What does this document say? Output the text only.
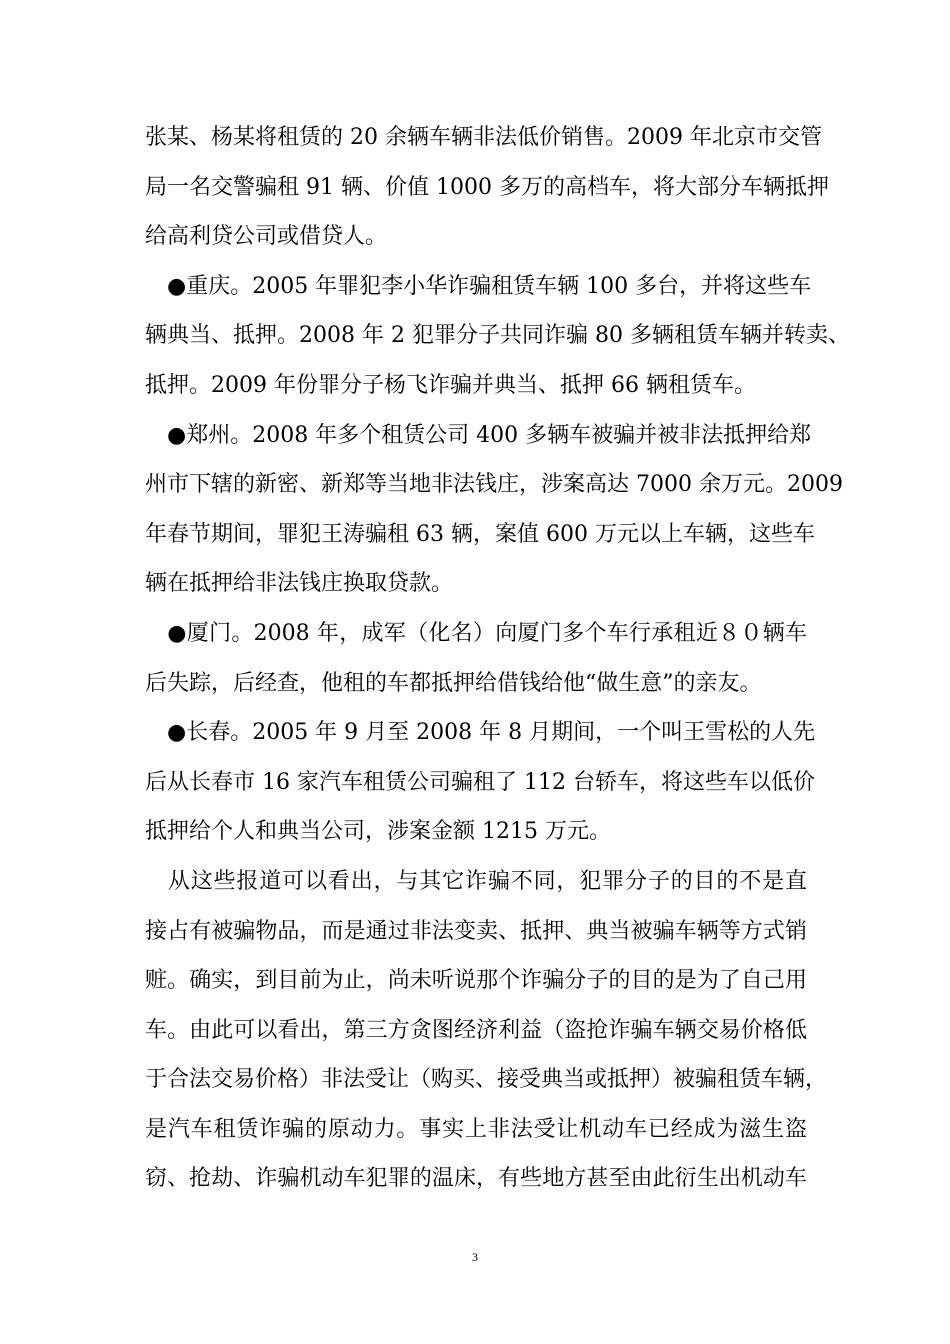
张某、杨某将租赁的 20 余辆车辆非法低价销售。2009 年北京市交管
局一名交警骗租 91 辆、价值 1000 多万的高档车，将大部分车辆抵押
给高利贷公司或借贷人。
　●重庆。2005 年罪犯李小华诈骗租赁车辆 100 多台，并将这些车
辆典当、抵押。2008 年 2 犯罪分子共同诈骗 80 多辆租赁车辆并转卖、
抵押。2009 年份罪分子杨飞诈骗并典当、抵押 66 辆租赁车。
　●郑州。2008 年多个租赁公司 400 多辆车被骗并被非法抵押给郑
州市下辖的新密、新郑等当地非法钱庄，涉案高达 7000 余万元。2009
年春节期间，罪犯王涛骗租 63 辆，案值 600 万元以上车辆，这些车
辆在抵押给非法钱庄换取贷款。
　●厦门。2008 年，成军（化名）向厦门多个车行承租近８０辆车
后失踪，后经查，他租的车都抵押给借钱给他“做生意”的亲友。
　●长春。2005 年 9 月至 2008 年 8 月期间，一个叫王雪松的人先
后从长春市 16 家汽车租赁公司骗租了 112 台轿车，将这些车以低价
抵押给个人和典当公司，涉案金额 1215 万元。
　从这些报道可以看出，与其它诈骗不同，犯罪分子的目的不是直
接占有被骗物品，而是通过非法变卖、抵押、典当被骗车辆等方式销
赃。确实，到目前为止，尚未听说那个诈骗分子的目的是为了自己用
车。由此可以看出，第三方贪图经济利益（盗抢诈骗车辆交易价格低
于合法交易价格）非法受让（购买、接受典当或抵押）被骗租赁车辆，
是汽车租赁诈骗的原动力。事实上非法受让机动车已经成为滋生盗
窃、抢劫、诈骗机动车犯罪的温床，有些地方甚至由此衍生出机动车
3
